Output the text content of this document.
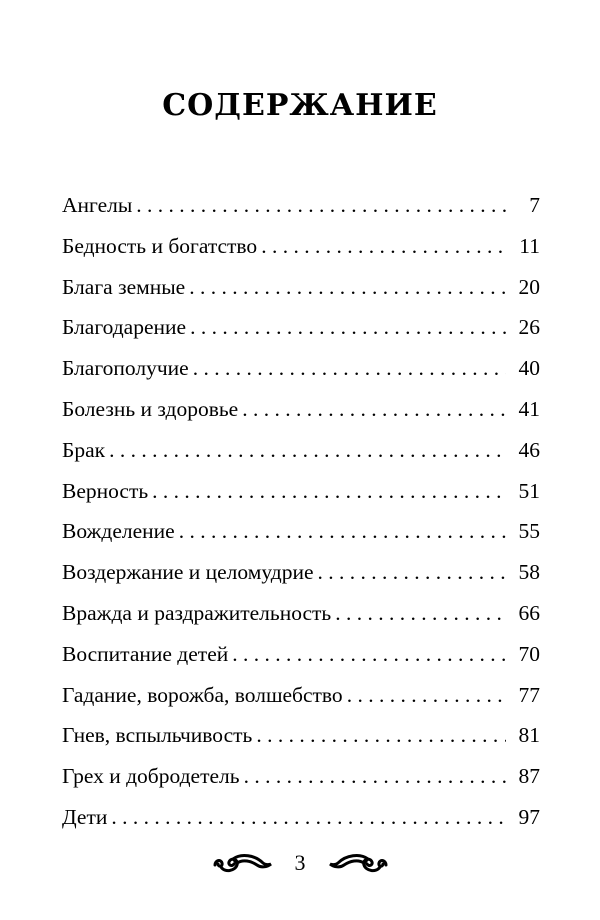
СОДЕРЖАНИЕ
Ангелы . . .	7
Бедность и богатство . . .	11
Блага земные . . .	20
Благодарение . . .	26
Благополучие . . .	40
Болезнь и здоровье . . .	41
Брак . . .	46
Верность . . .	51
Вожделение . . .	55
Воздержание и целомудрие . . .	58
Вражда и раздражительность . . .	66
Воспитание детей . . .	70
Гадание, ворожба, волшебство . . .	77
Гнев, вспыльчивость . . .	81
Грех и добродетель . . .	87
Дети . . .	97
3
